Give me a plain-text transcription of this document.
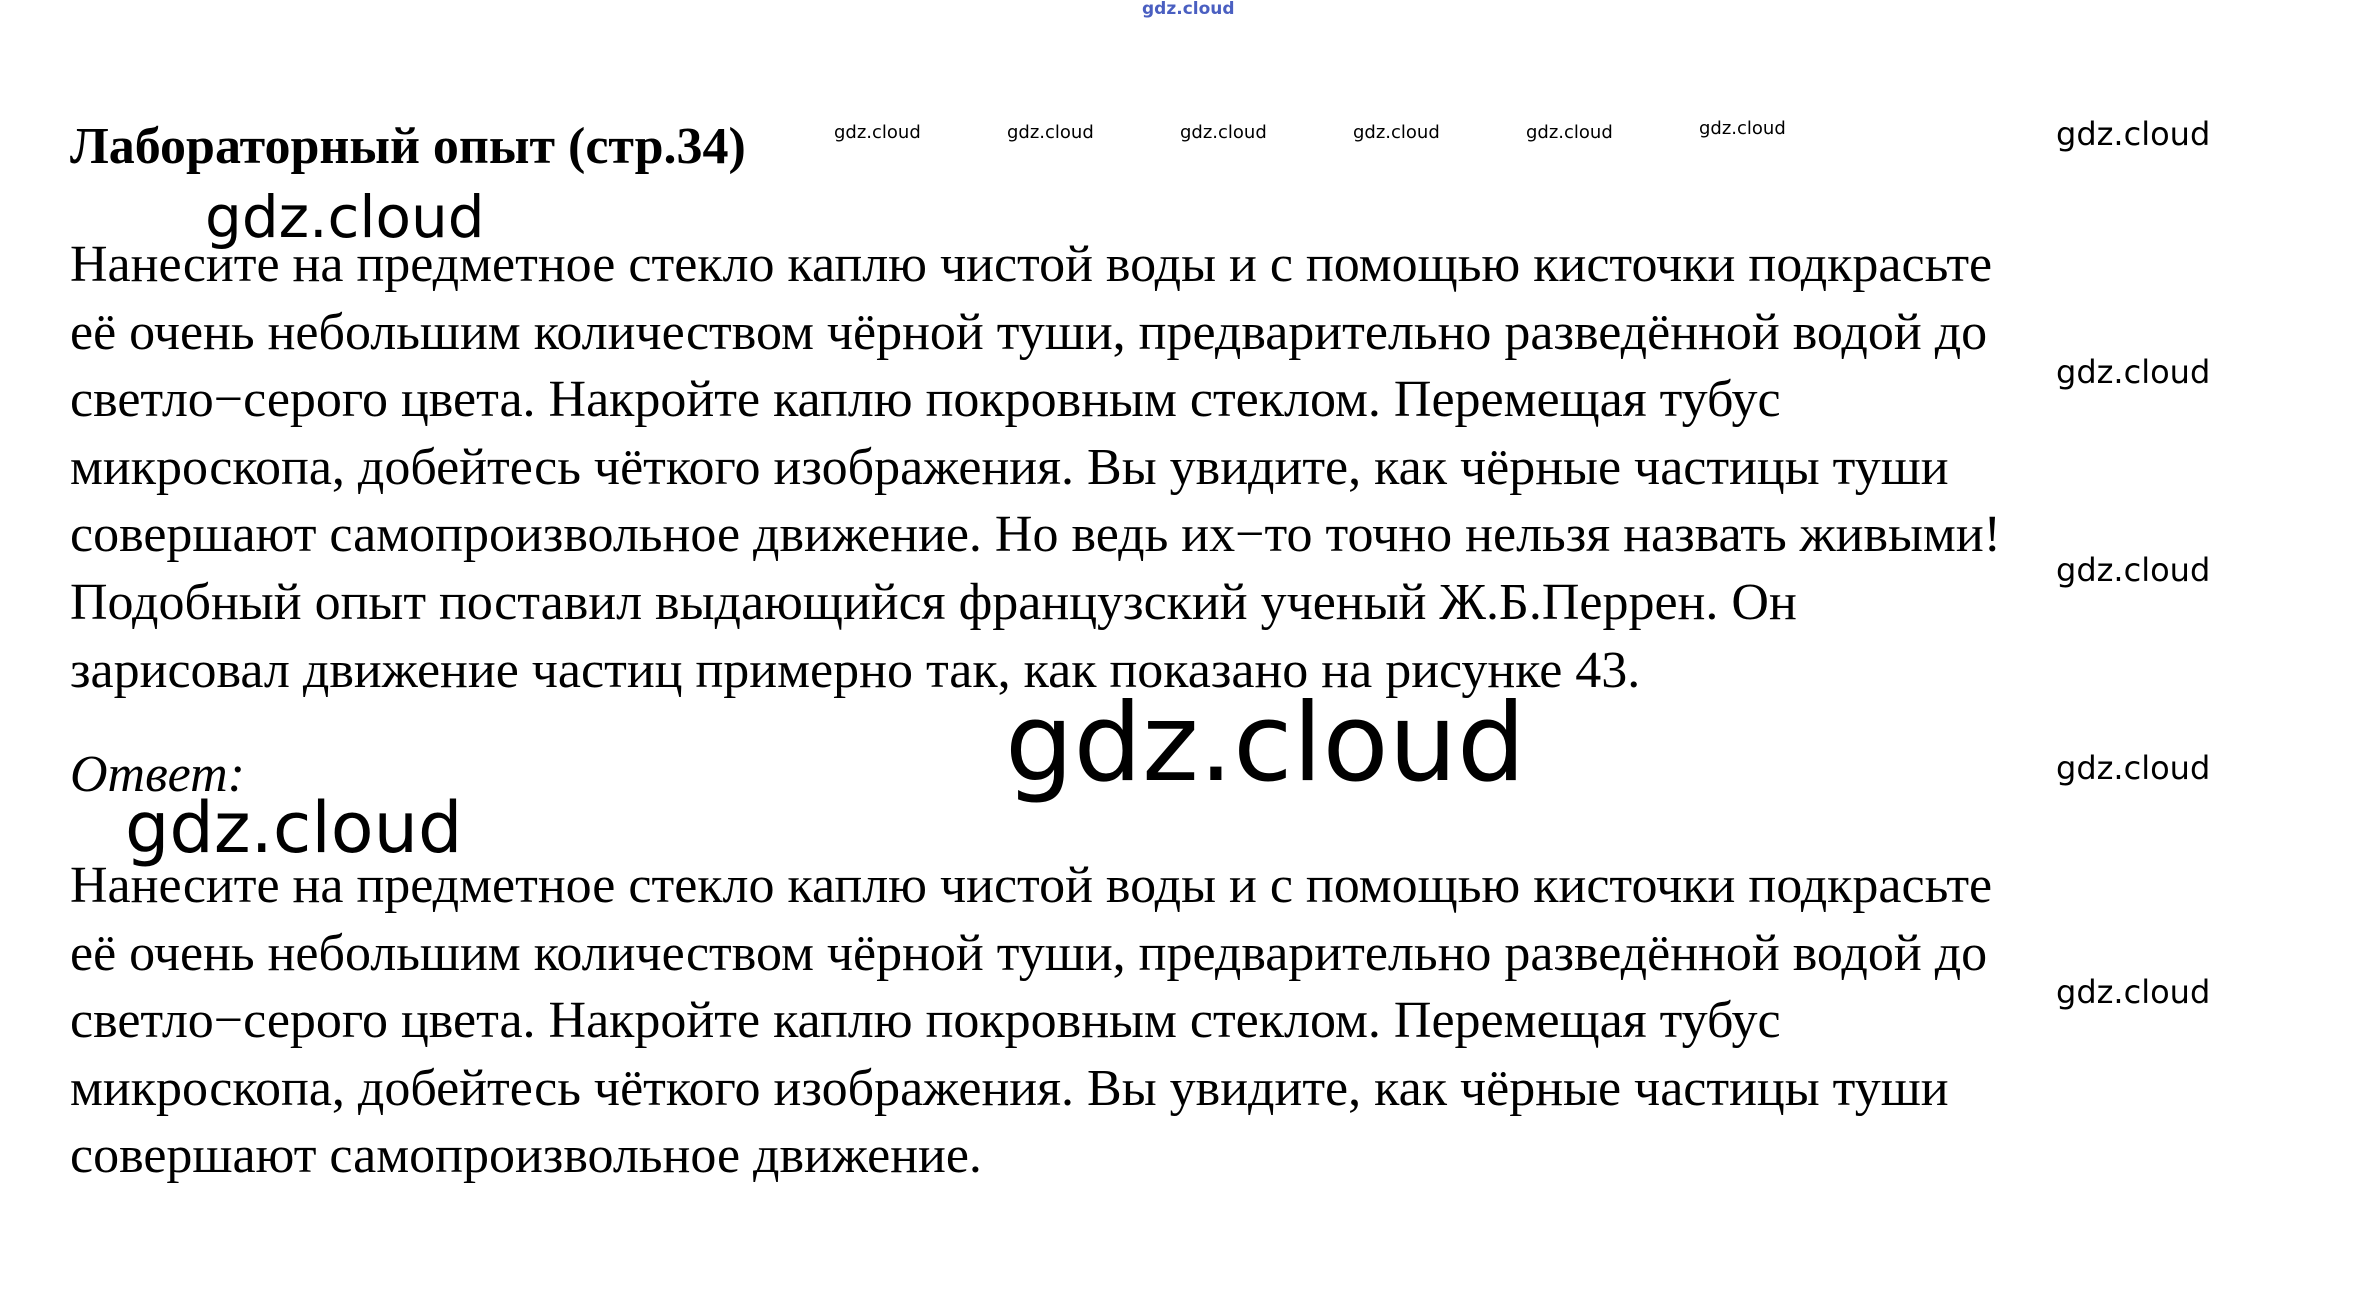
gdz.cloud
gdz.cloud	gdz.cloud	gdz.cloud	gdz.cloud	gdz.cloud	gdz.cloud	gdz.cloud
Лабораторный опыт (стр.34)
gdz.cloud

Нанесите на предметное стекло каплю чистой воды и с помощью кисточки подкрасьте
её очень небольшим количеством чёрной туши, предварительно разведённой водой до
светло−серого цвета. Накройте каплю покровным стеклом. Перемещая тубус
микроскопа, добейтесь чёткого изображения. Вы увидите, как чёрные частицы туши
совершают самопроизвольное движение. Но ведь их−то точно нельзя назвать живыми!
Подобный опыт поставил выдающийся французский ученый Ж.Б.Перрен. Он
зарисовал движение частиц примерно так, как показано на рисунке 43.

gdz.cloud
gdz.cloud
gdz.cloud	gdz.cloud
Ответ:
gdz.cloud

Нанесите на предметное стекло каплю чистой воды и с помощью кисточки подкрасьте
её очень небольшим количеством чёрной туши, предварительно разведённой водой до
светло−серого цвета. Накройте каплю покровным стеклом. Перемещая тубус
микроскопа, добейтесь чёткого изображения. Вы увидите, как чёрные частицы туши
совершают самопроизвольное движение.

gdz.cloud
